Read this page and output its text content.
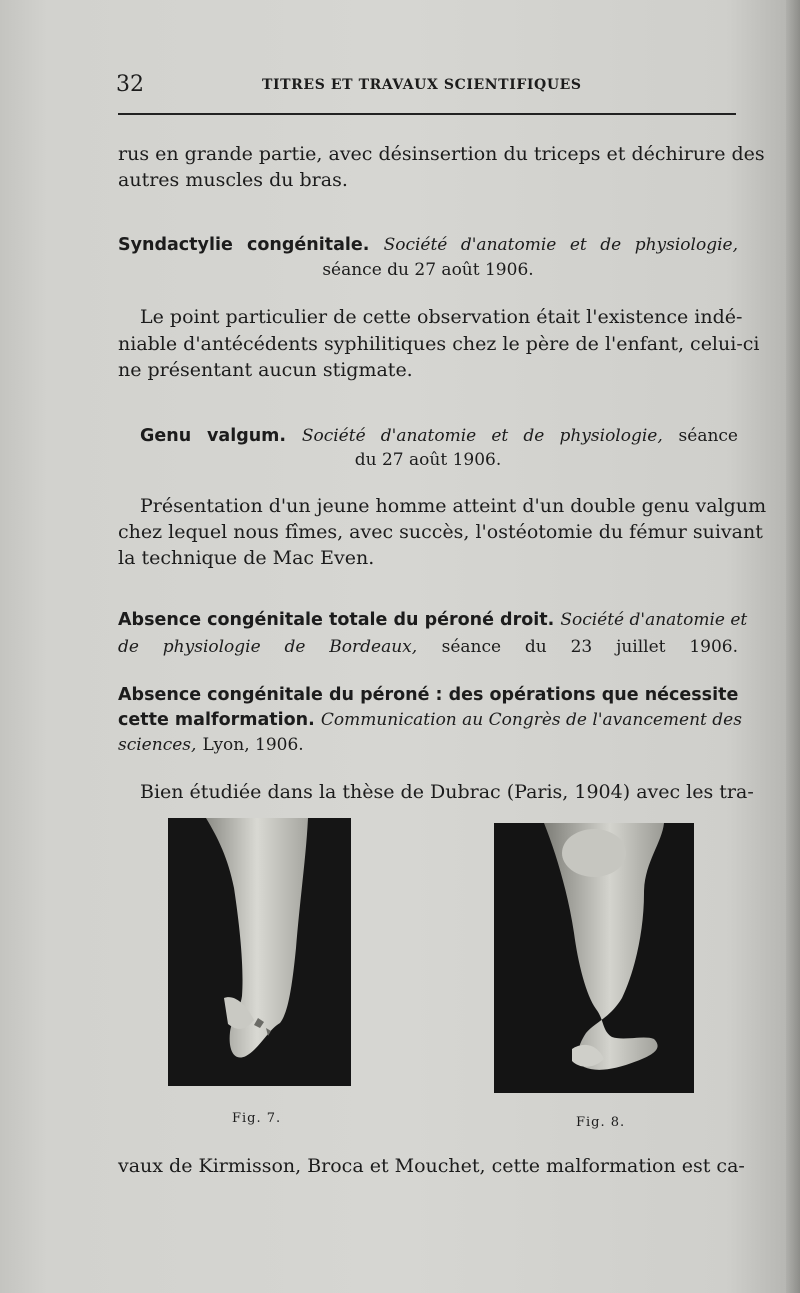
32	TITRES ET TRAVAUX SCIENTIFIQUES
rus en grande partie, avec désinsertion du triceps et déchirure des
autres muscles du bras.
Syndactylie congénitale. Société d'anatomie et de physiologie,
séance du 27 août 1906.
Le point particulier de cette observation était l'existence indé-
niable d'antécédents syphilitiques chez le père de l'enfant, celui-ci
ne présentant aucun stigmate.
Genu valgum. Société d'anatomie et de physiologie, séance
du 27 août 1906.
Présentation d'un jeune homme atteint d'un double genu valgum
chez lequel nous fîmes, avec succès, l'ostéotomie du fémur suivant
la technique de Mac Even.
Absence congénitale totale du péroné droit. Société d'anatomie et
de physiologie de Bordeaux, séance du 23 juillet 1906.
Absence congénitale du péroné : des opérations que nécessite
cette malformation. Communication au Congrès de l'avancement des
sciences, Lyon, 1906.
Bien étudiée dans la thèse de Dubrac (Paris, 1904) avec les tra-
Fig. 7.	Fig. 8.
vaux de Kirmisson, Broca et Mouchet, cette malformation est ca-
